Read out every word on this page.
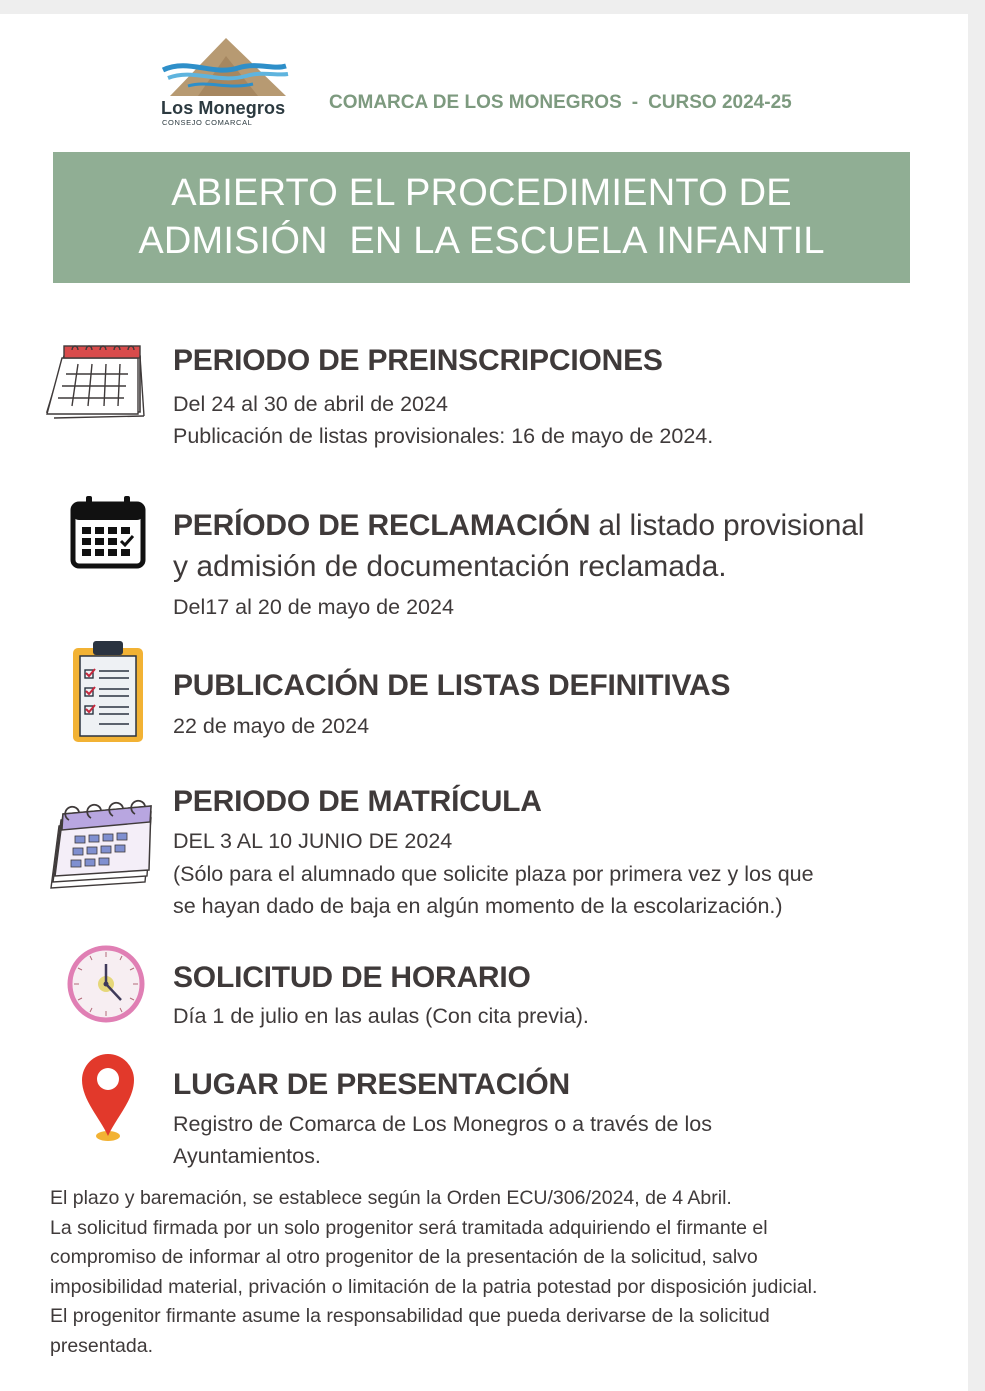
Los Monegros
CONSEJO COMARCAL
COMARCA DE LOS MONEGROS - CURSO 2024-25
ABIERTO EL PROCEDIMIENTO DE
ADMISIÓN  EN LA ESCUELA INFANTIL
PERIODO DE PREINSCRIPCIONES
Del 24 al 30 de abril de 2024
Publicación de listas provisionales: 16 de mayo de 2024.
PERÍODO DE RECLAMACIÓN al listado provisional
y admisión de documentación reclamada.
Del17 al 20 de mayo de 2024
PUBLICACIÓN DE LISTAS DEFINITIVAS
22 de mayo de 2024
PERIODO DE MATRÍCULA
DEL 3 AL 10 JUNIO DE 2024
(Sólo para el alumnado que solicite plaza por primera vez y los que
se hayan dado de baja en algún momento de la escolarización.)
SOLICITUD DE HORARIO
Día 1 de julio en las aulas (Con cita previa).
LUGAR DE PRESENTACIÓN
Registro de Comarca de Los Monegros o a través de los
Ayuntamientos.
El plazo y baremación, se establece según la Orden ECU/306/2024, de 4 Abril.
La solicitud firmada por un solo progenitor será tramitada adquiriendo el firmante el
compromiso de informar al otro progenitor de la presentación de la solicitud, salvo
imposibilidad material, privación o limitación de la patria potestad por disposición judicial.
El progenitor firmante asume la responsabilidad que pueda derivarse de la solicitud
presentada.
